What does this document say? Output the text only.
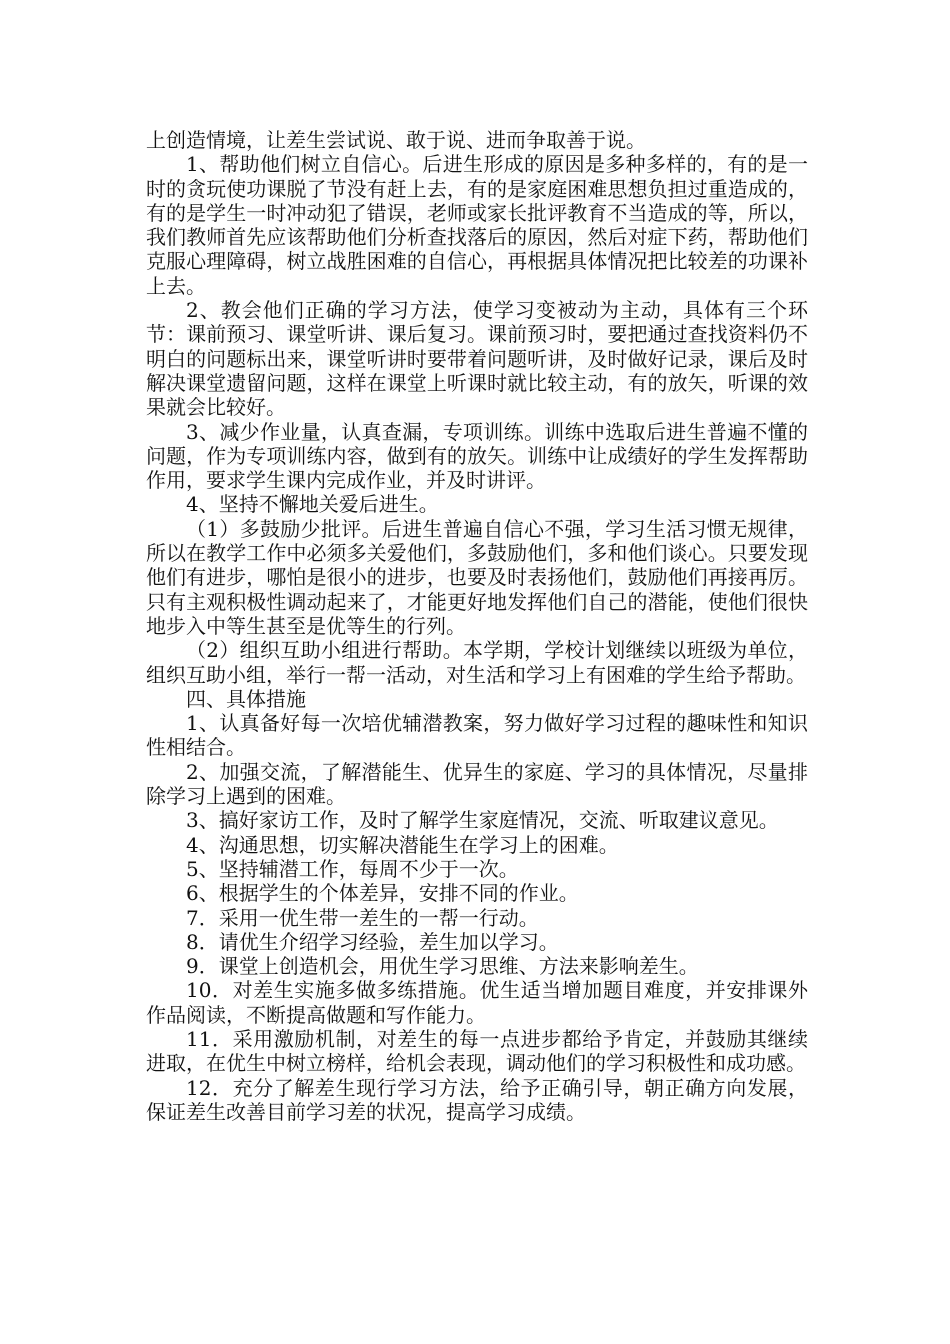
上创造情境，让差生尝试说、敢于说、进而争取善于说。

1、帮助他们树立自信心。后进生形成的原因是多种多样的，有的是一时的贪玩使功课脱了节没有赶上去，有的是家庭困难思想负担过重造成的，有的是学生一时冲动犯了错误，老师或家长批评教育不当造成的等，所以，我们教师首先应该帮助他们分析查找落后的原因，然后对症下药，帮助他们克服心理障碍，树立战胜困难的自信心，再根据具体情况把比较差的功课补上去。

2、教会他们正确的学习方法，使学习变被动为主动，具体有三个环节：课前预习、课堂听讲、课后复习。课前预习时，要把通过查找资料仍不明白的问题标出来，课堂听讲时要带着问题听讲，及时做好记录，课后及时解决课堂遗留问题，这样在课堂上听课时就比较主动，有的放矢，听课的效果就会比较好。

3、减少作业量，认真查漏，专项训练。训练中选取后进生普遍不懂的问题，作为专项训练内容，做到有的放矢。训练中让成绩好的学生发挥帮助作用，要求学生课内完成作业，并及时讲评。

4、坚持不懈地关爱后进生。

（1）多鼓励少批评。后进生普遍自信心不强，学习生活习惯无规律，所以在教学工作中必须多关爱他们，多鼓励他们，多和他们谈心。只要发现他们有进步，哪怕是很小的进步，也要及时表扬他们，鼓励他们再接再厉。只有主观积极性调动起来了，才能更好地发挥他们自己的潜能，使他们很快地步入中等生甚至是优等生的行列。

（2）组织互助小组进行帮助。本学期，学校计划继续以班级为单位，组织互助小组，举行一帮一活动，对生活和学习上有困难的学生给予帮助。

四、具体措施

1、认真备好每一次培优辅潜教案，努力做好学习过程的趣味性和知识性相结合。

2、加强交流，了解潜能生、优异生的家庭、学习的具体情况，尽量排除学习上遇到的困难。

3、搞好家访工作，及时了解学生家庭情况，交流、听取建议意见。

4、沟通思想，切实解决潜能生在学习上的困难。

5、坚持辅潜工作，每周不少于一次。

6、根据学生的个体差异，安排不同的作业。

7．采用一优生带一差生的一帮一行动。

8．请优生介绍学习经验，差生加以学习。

9．课堂上创造机会，用优生学习思维、方法来影响差生。

10．对差生实施多做多练措施。优生适当增加题目难度，并安排课外作品阅读，不断提高做题和写作能力。

11．采用激励机制，对差生的每一点进步都给予肯定，并鼓励其继续进取，在优生中树立榜样，给机会表现，调动他们的学习积极性和成功感。

12．充分了解差生现行学习方法，给予正确引导，朝正确方向发展，保证差生改善目前学习差的状况，提高学习成绩。
